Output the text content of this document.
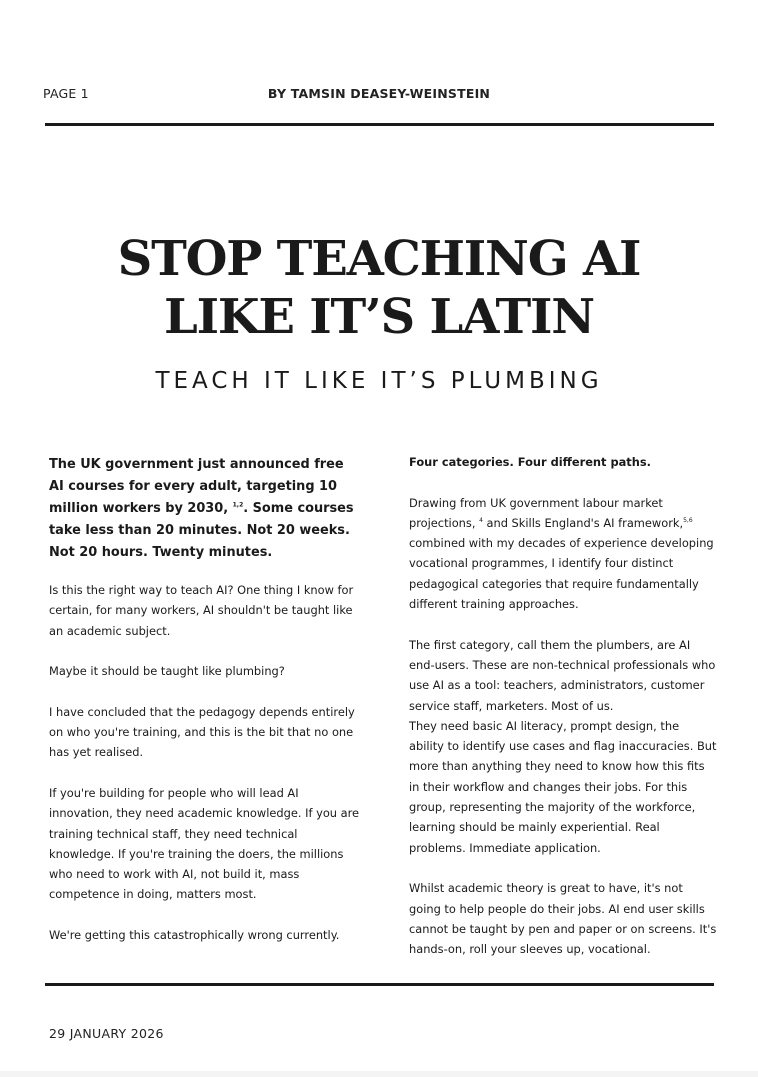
PAGE 1	BY TAMSIN DEASEY-WEINSTEIN
STOP TEACHING AI
LIKE IT’S LATIN
TEACH IT LIKE IT’S PLUMBING
The UK government just announced free AI courses for every adult, targeting 10 million workers by 2030, $^{1,2}$. Some courses take less than 20 minutes. Not 20 weeks. Not 20 hours. Twenty minutes.

Is this the right way to teach AI? One thing I know for certain, for many workers, AI shouldn't be taught like an academic subject.

Maybe it should be taught like plumbing?

I have concluded that the pedagogy depends entirely on who you're training, and this is the bit that no one has yet realised.

If you're building for people who will lead AI innovation, they need academic knowledge. If you are training technical staff, they need technical knowledge. If you're training the doers, the millions who need to work with AI, not build it, mass competence in doing, matters most.

We're getting this catastrophically wrong currently.

Four categories. Four different paths.

Drawing from UK government labour market projections, $^4$ and Skills England's AI framework,$^{5,6}$ combined with my decades of experience developing vocational programmes, I identify four distinct pedagogical categories that require fundamentally different training approaches.

The first category, call them the plumbers, are AI end-users. These are non-technical professionals who use AI as a tool: teachers, administrators, customer service staff, marketers. Most of us.
They need basic AI literacy, prompt design, the ability to identify use cases and flag inaccuracies. But more than anything they need to know how this fits in their workflow and changes their jobs. For this group, representing the majority of the workforce, learning should be mainly experiential. Real problems. Immediate application.

Whilst academic theory is great to have, it's not going to help people do their jobs. AI end user skills cannot be taught by pen and paper or on screens. It's hands-on, roll your sleeves up, vocational.

29 JANUARY 2026
